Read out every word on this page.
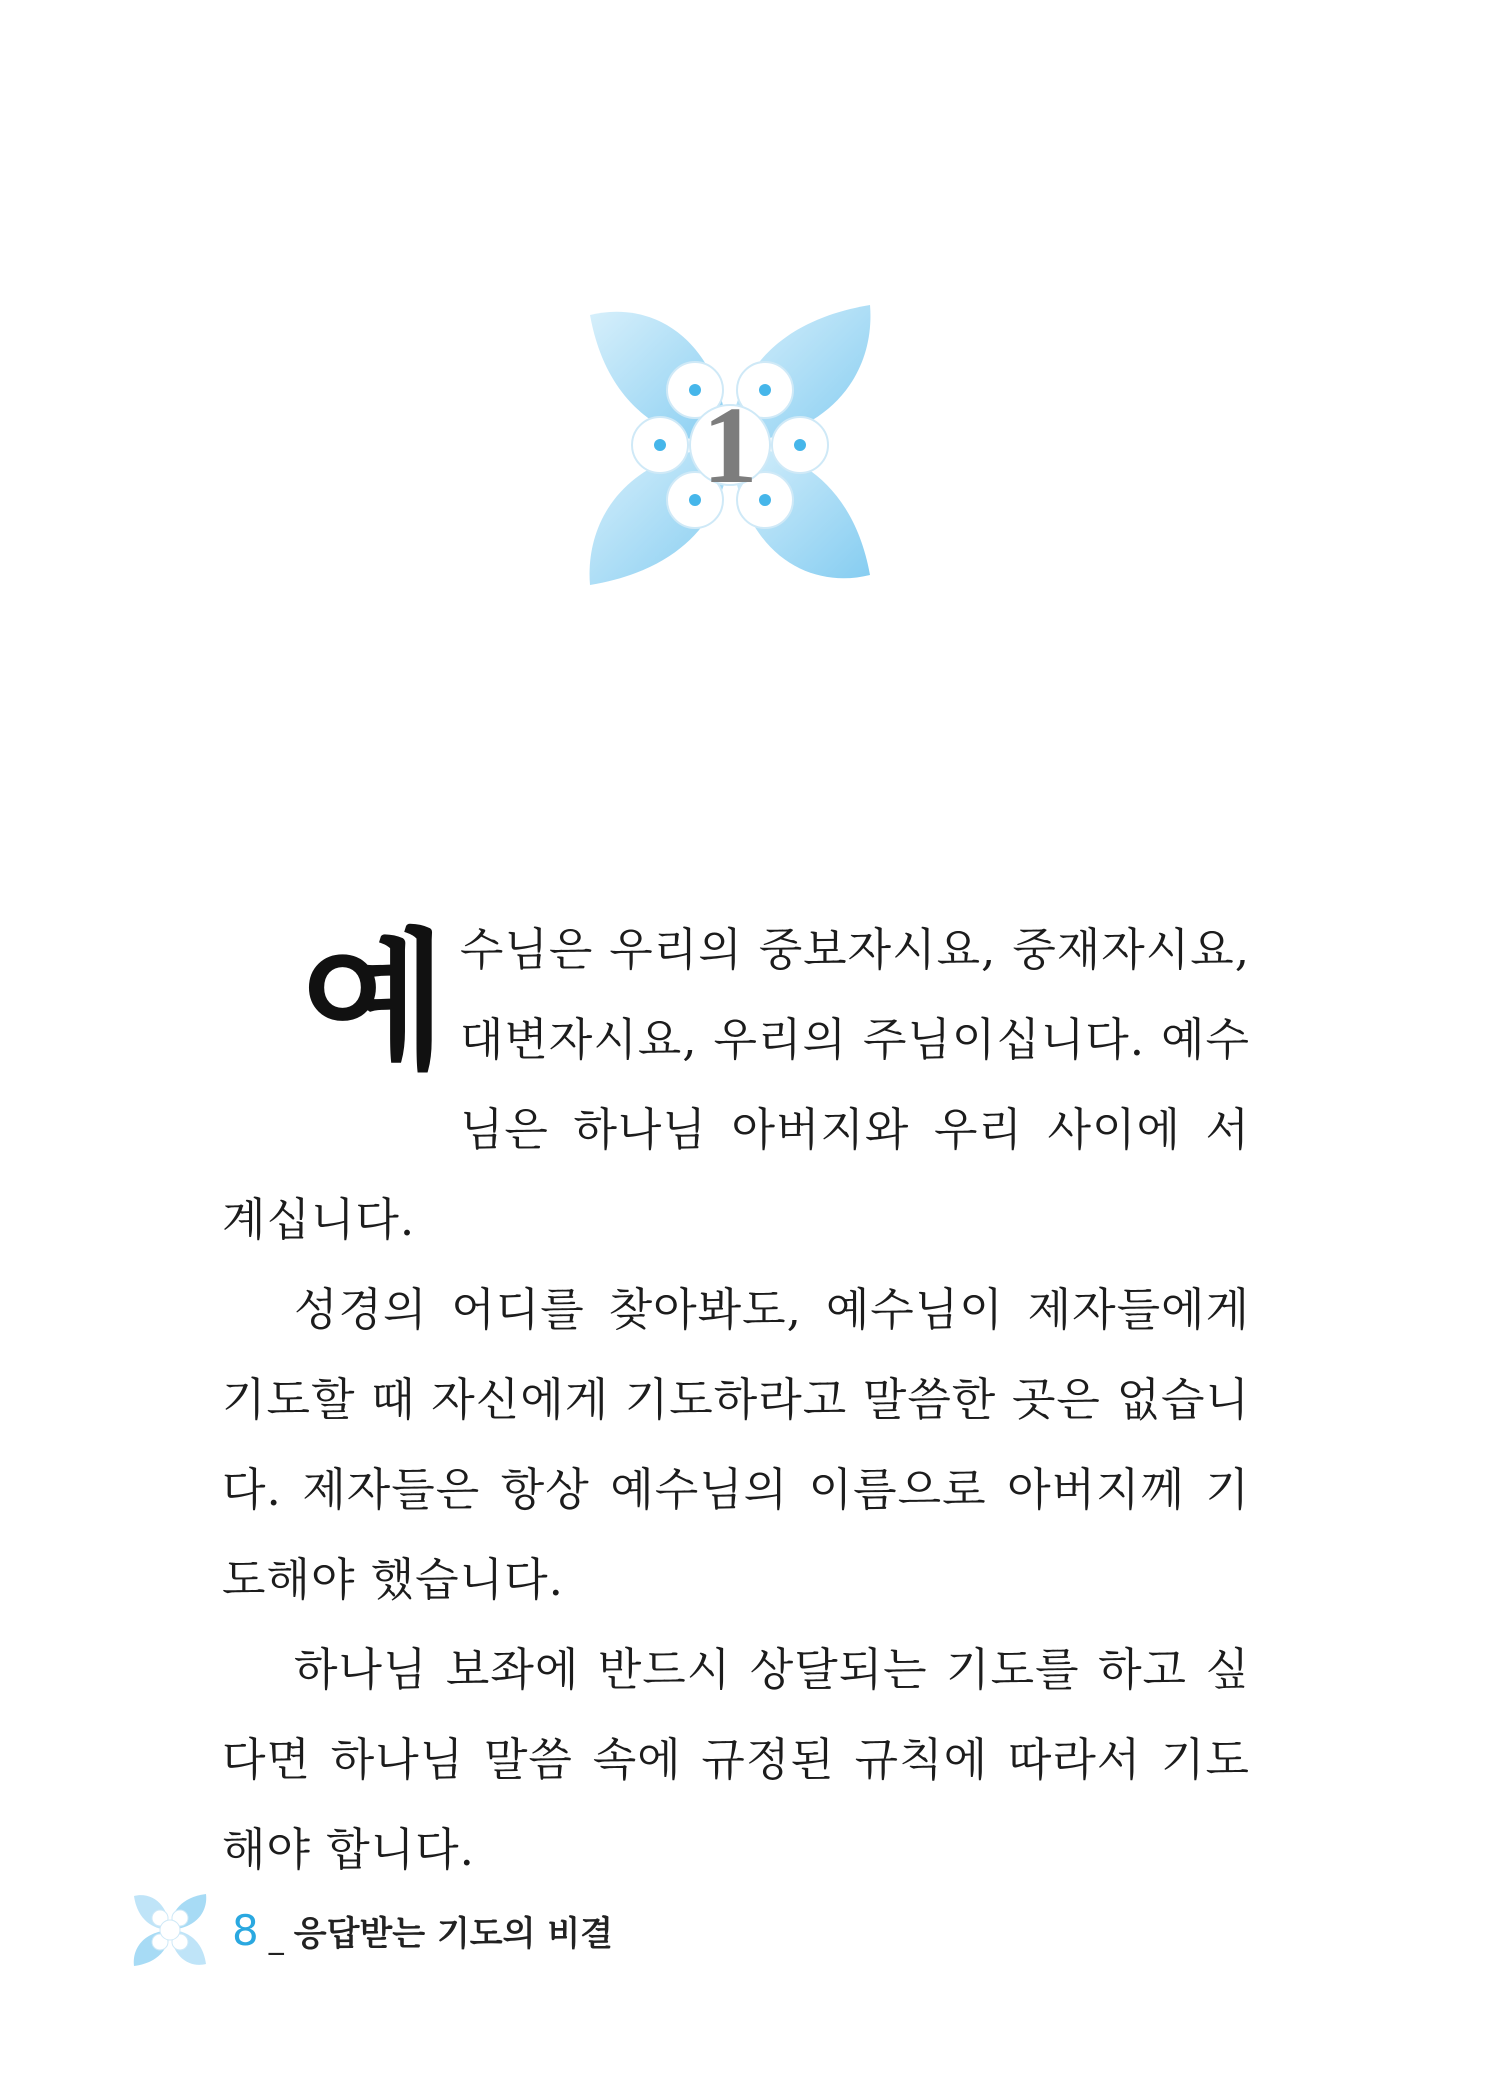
1

예수님은 우리의 중보자시요, 중재자시요, 대변자시요, 우리의 주님이십니다. 예수님은 하나님 아버지와 우리 사이에 서 계십니다.

성경의 어디를 찾아봐도, 예수님이 제자들에게 기도할 때 자신에게 기도하라고 말씀한 곳은 없습니다. 제자들은 항상 예수님의 이름으로 아버지께 기도해야 했습니다.

하나님 보좌에 반드시 상달되는 기도를 하고 싶다면 하나님 말씀 속에 규정된 규칙에 따라서 기도해야 합니다.

8 _ 응답받는 기도의 비결
